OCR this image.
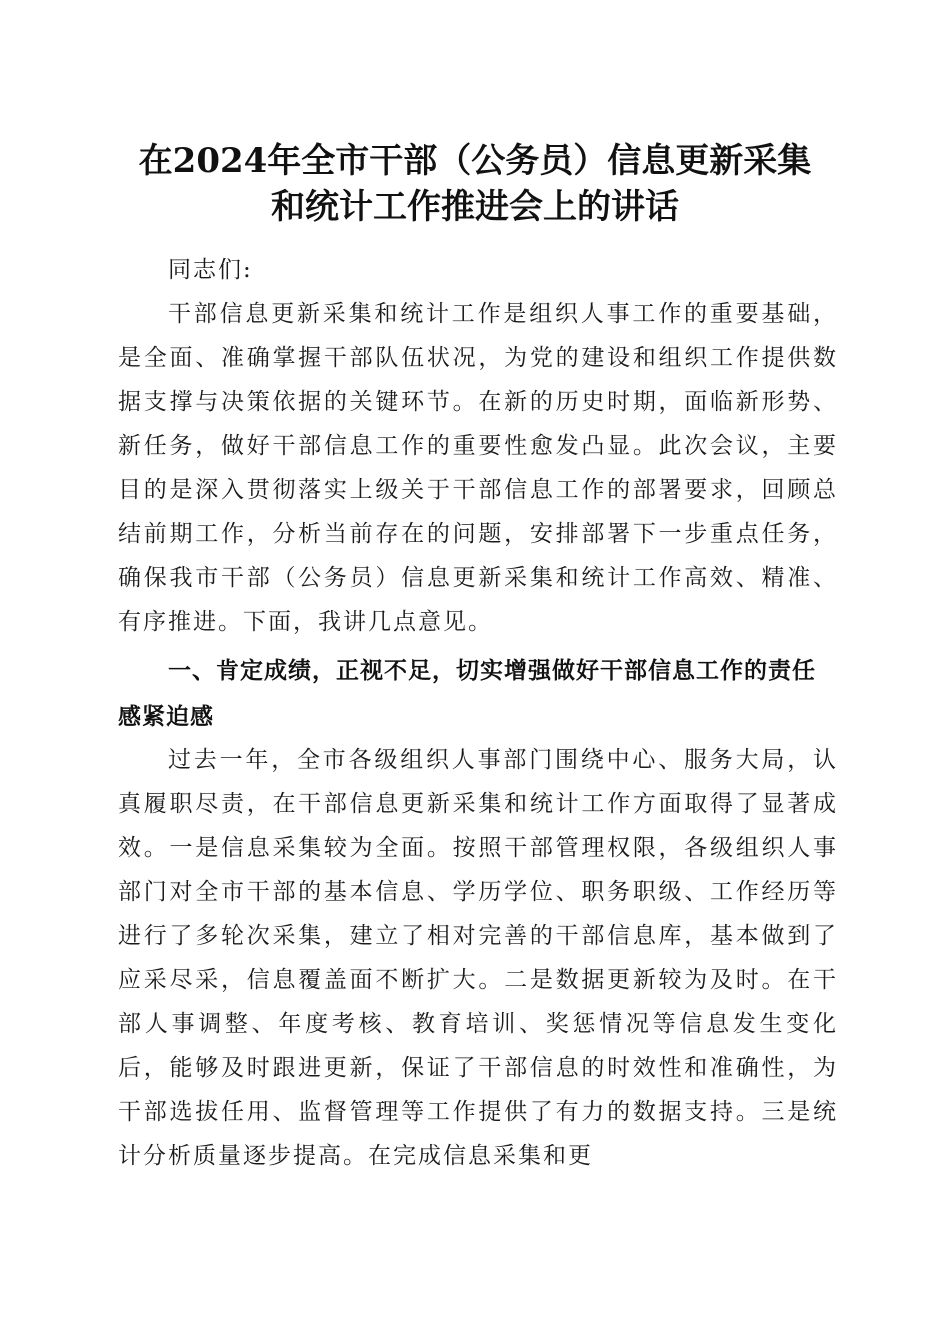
在2024年全市干部（公务员）信息更新采集
和统计工作推进会上的讲话

同志们:

干部信息更新采集和统计工作是组织人事工作的重要基础，是全面、准确掌握干部队伍状况，为党的建设和组织工作提供数据支撑与决策依据的关键环节。在新的历史时期，面临新形势、新任务，做好干部信息工作的重要性愈发凸显。此次会议，主要目的是深入贯彻落实上级关于干部信息工作的部署要求，回顾总结前期工作，分析当前存在的问题，安排部署下一步重点任务，确保我市干部（公务员）信息更新采集和统计工作高效、精准、有序推进。下面，我讲几点意见。

一、肯定成绩，正视不足，切实增强做好干部信息工作的责任感紧迫感

过去一年，全市各级组织人事部门围绕中心、服务大局，认真履职尽责，在干部信息更新采集和统计工作方面取得了显著成效。一是信息采集较为全面。按照干部管理权限，各级组织人事部门对全市干部的基本信息、学历学位、职务职级、工作经历等进行了多轮次采集，建立了相对完善的干部信息库，基本做到了应采尽采，信息覆盖面不断扩大。二是数据更新较为及时。在干部人事调整、年度考核、教育培训、奖惩情况等信息发生变化后，能够及时跟进更新，保证了干部信息的时效性和准确性，为干部选拔任用、监督管理等工作提供了有力的数据支持。三是统计分析质量逐步提高。在完成信息采集和更
